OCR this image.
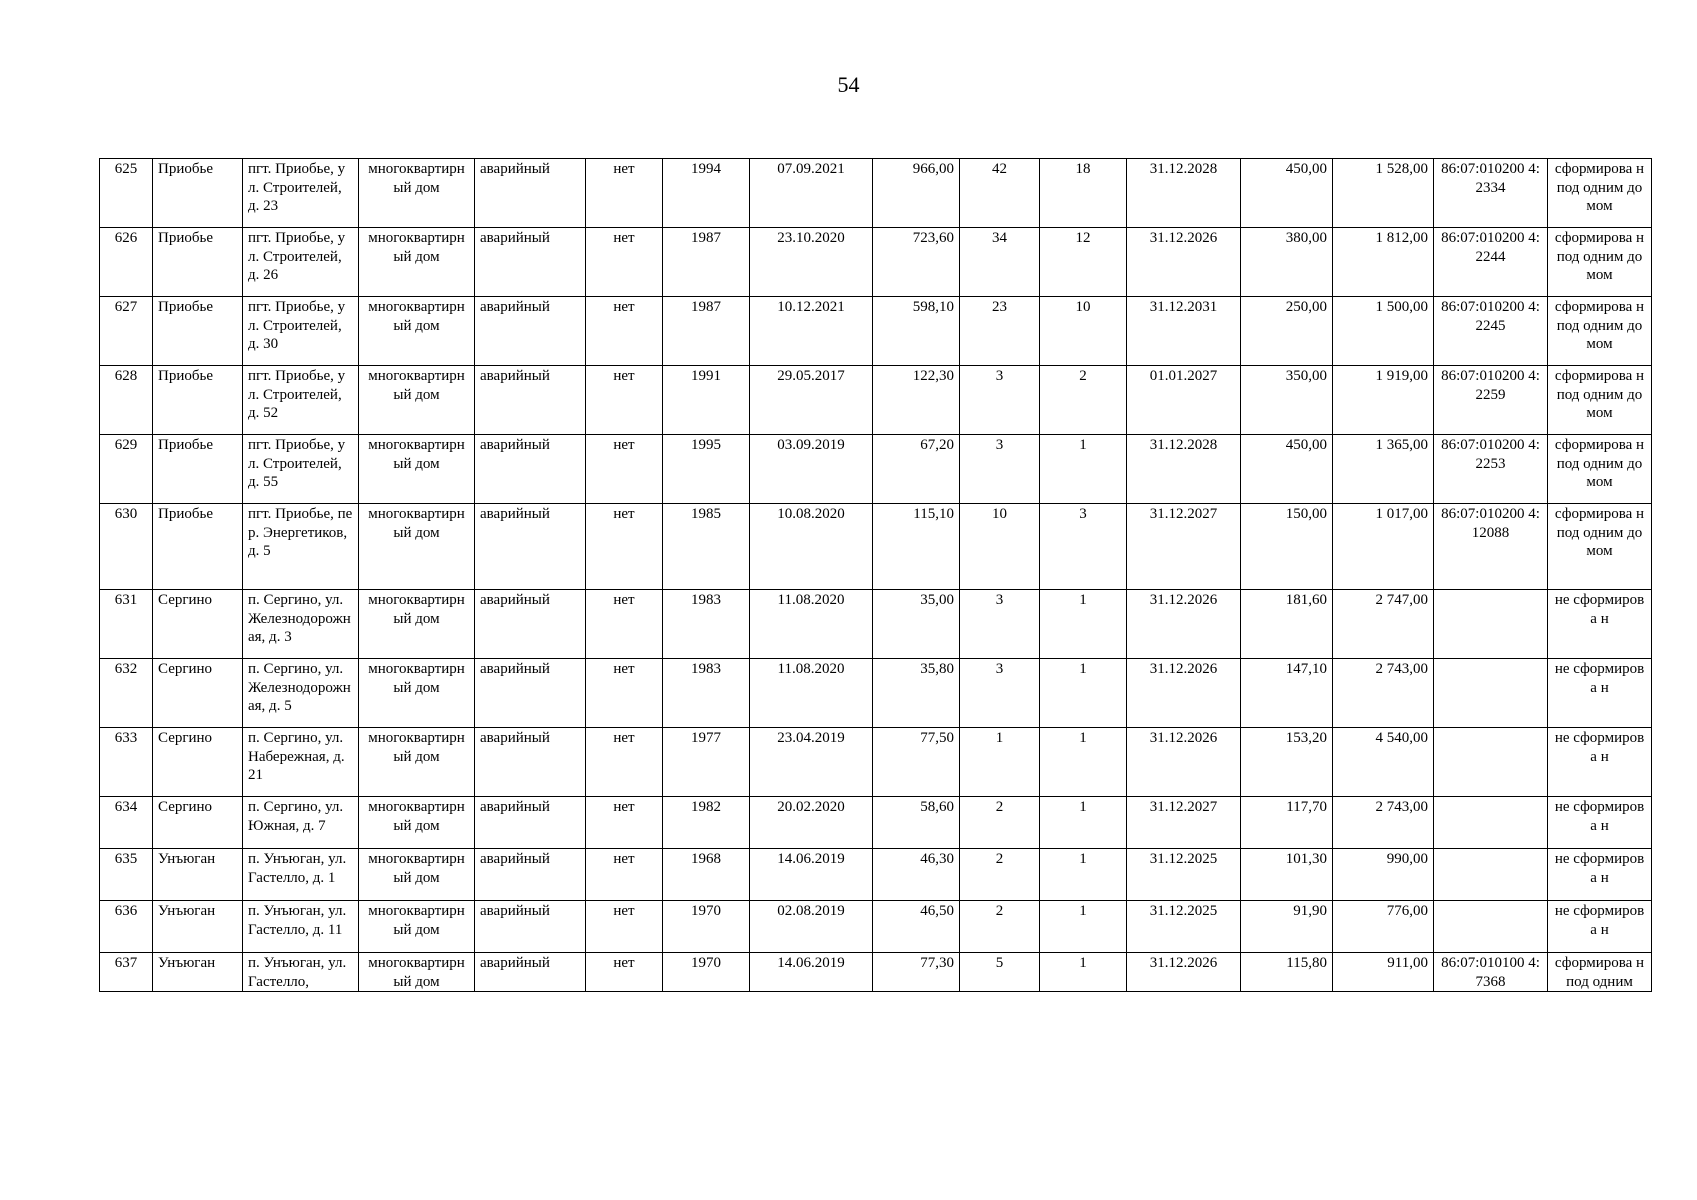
54
625	Приобье	пгт. Приобье, ул. Строителей, д. 23	многоквартирный дом	аварийный	нет	1994	07.09.2021	966,00	42	18	31.12.2028	450,00	1 528,00	86:07:010200 4:2334	сформирова н под одним домом
626	Приобье	пгт. Приобье, ул. Строителей, д. 26	многоквартирный дом	аварийный	нет	1987	23.10.2020	723,60	34	12	31.12.2026	380,00	1 812,00	86:07:010200 4:2244	сформирова н под одним домом
627	Приобье	пгт. Приобье, ул. Строителей, д. 30	многоквартирный дом	аварийный	нет	1987	10.12.2021	598,10	23	10	31.12.2031	250,00	1 500,00	86:07:010200 4:2245	сформирова н под одним домом
628	Приобье	пгт. Приобье, ул. Строителей, д. 52	многоквартирный дом	аварийный	нет	1991	29.05.2017	122,30	3	2	01.01.2027	350,00	1 919,00	86:07:010200 4:2259	сформирова н под одним домом
629	Приобье	пгт. Приобье, ул. Строителей, д. 55	многоквартирный дом	аварийный	нет	1995	03.09.2019	67,20	3	1	31.12.2028	450,00	1 365,00	86:07:010200 4:2253	сформирова н под одним домом
630	Приобье	пгт. Приобье, пер. Энергетиков, д. 5	многоквартирный дом	аварийный	нет	1985	10.08.2020	115,10	10	3	31.12.2027	150,00	1 017,00	86:07:010200 4:12088	сформирова н под одним домом
631	Сергино	п. Сергино, ул. Железнодорожная, д. 3	многоквартирный дом	аварийный	нет	1983	11.08.2020	35,00	3	1	31.12.2026	181,60	2 747,00		не сформирова н
632	Сергино	п. Сергино, ул. Железнодорожная, д. 5	многоквартирный дом	аварийный	нет	1983	11.08.2020	35,80	3	1	31.12.2026	147,10	2 743,00		не сформирова н
633	Сергино	п. Сергино, ул. Набережная, д. 21	многоквартирный дом	аварийный	нет	1977	23.04.2019	77,50	1	1	31.12.2026	153,20	4 540,00		не сформирова н
634	Сергино	п. Сергино, ул. Южная, д. 7	многоквартирный дом	аварийный	нет	1982	20.02.2020	58,60	2	1	31.12.2027	117,70	2 743,00		не сформирова н
635	Унъюган	п. Унъюган, ул. Гастелло, д. 1	многоквартирный дом	аварийный	нет	1968	14.06.2019	46,30	2	1	31.12.2025	101,30	990,00		не сформирова н
636	Унъюган	п. Унъюган, ул. Гастелло, д. 11	многоквартирный дом	аварийный	нет	1970	02.08.2019	46,50	2	1	31.12.2025	91,90	776,00		не сформирова н
637	Унъюган	п. Унъюган, ул. Гастелло,	многоквартирный дом	аварийный	нет	1970	14.06.2019	77,30	5	1	31.12.2026	115,80	911,00	86:07:010100 4:7368	сформирова н под одним
